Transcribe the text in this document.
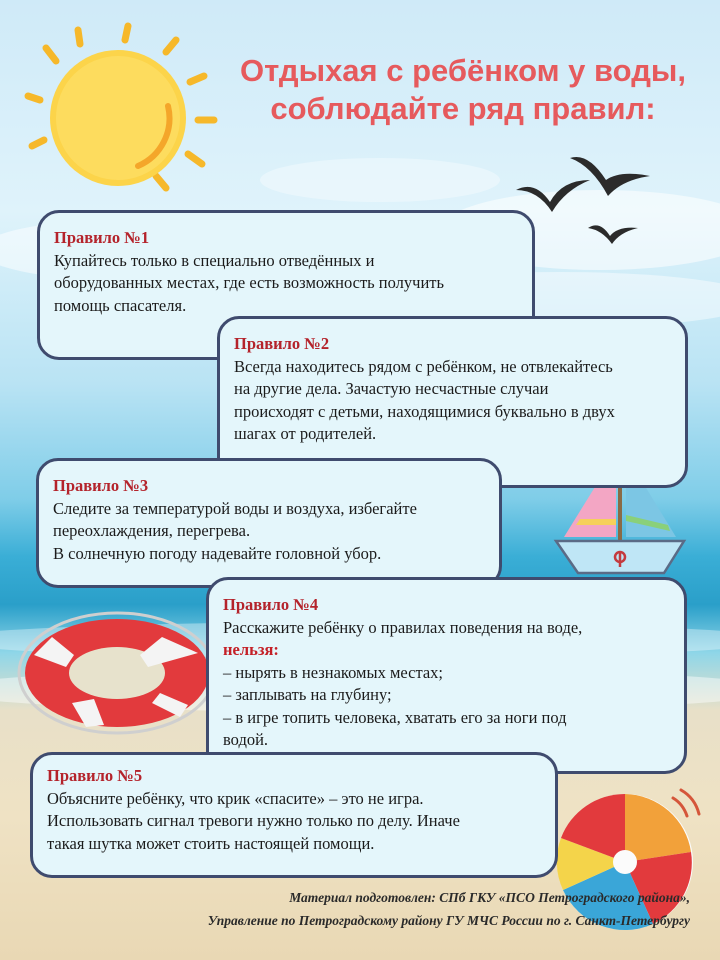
Отдыхая с ребёнком у воды,
соблюдайте ряд правил:
Правило №1
Купайтесь только в специально отведённых и
оборудованных местах, где есть возможность получить
помощь спасателя.
Правило №2
Всегда находитесь рядом с ребёнком, не отвлекайтесь
на другие дела. Зачастую несчастные случаи
происходят с детьми, находящимися буквально в двух
шагах от родителей.
Правило №3
Следите за температурой воды и воздуха, избегайте
переохлаждения, перегрева.
В солнечную погоду надевайте головной убор.
Правило №4
Расскажите ребёнку о правилах поведения на воде,
нельзя:
– нырять в незнакомых местах;
– заплывать на глубину;
– в игре топить человека, хватать его за ноги под
водой.
Правило №5
Объясните ребёнку, что крик «спасите» – это не игра.
Использовать сигнал тревоги нужно только по делу. Иначе
такая шутка может стоить настоящей помощи.
Материал подготовлен: СПб ГКУ «ПСО Петроградского района»,
Управление по Петроградскому району ГУ МЧС России по г. Санкт-Петербургу
